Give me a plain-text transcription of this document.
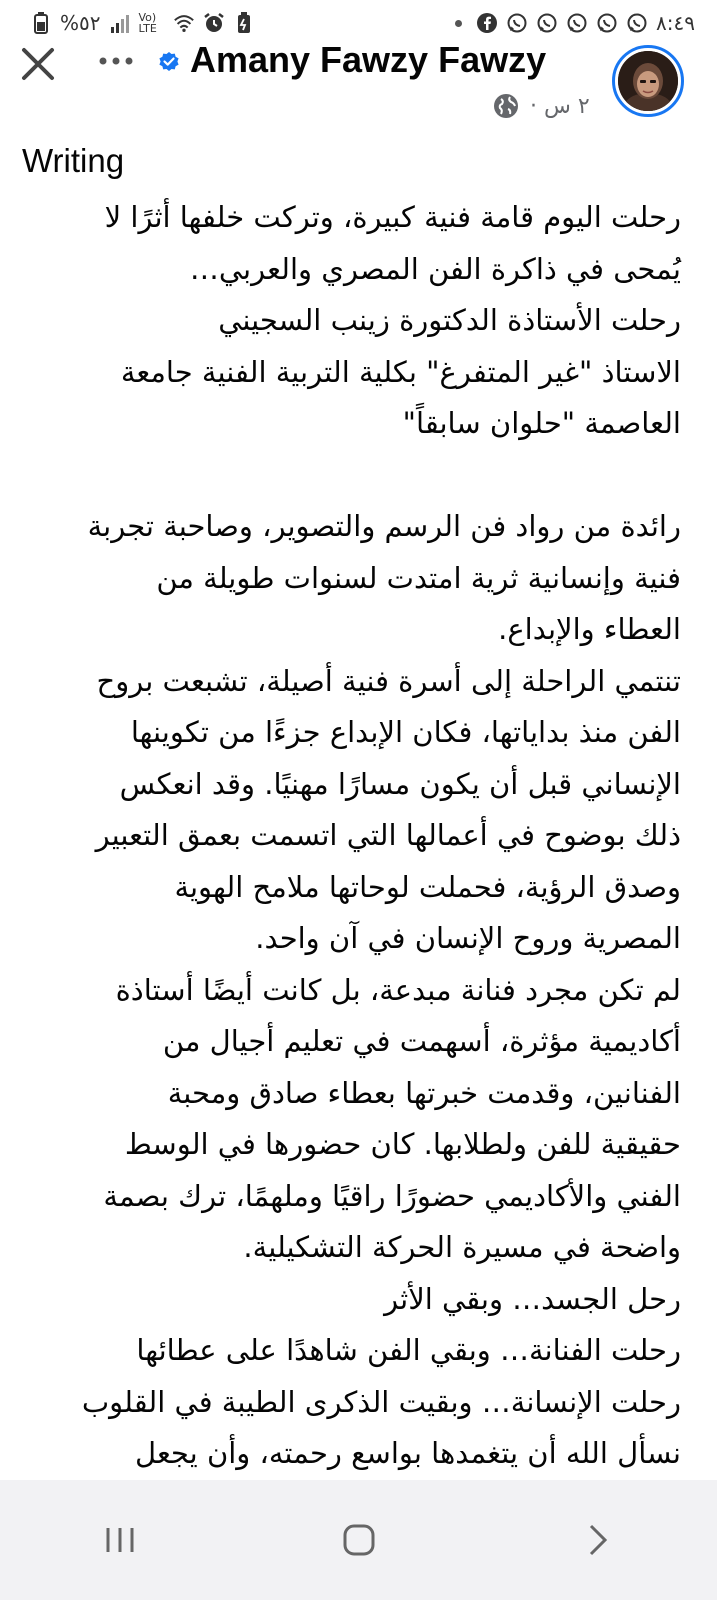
%٥٢	Vo) LTE	٨:٤٩
Amany Fawzy Fawzy
٢ س ·
Writing
رحلت اليوم قامة فنية كبيرة، وتركت خلفها أثرًا لا
يُمحى في ذاكرة الفن المصري والعربي…
رحلت الأستاذة الدكتورة زينب السجيني
الاستاذ "غير المتفرغ" بكلية التربية الفنية جامعة
العاصمة "حلوان سابقاً"
رائدة من رواد فن الرسم والتصوير، وصاحبة تجربة
فنية وإنسانية ثرية امتدت لسنوات طويلة من
العطاء والإبداع.
تنتمي الراحلة إلى أسرة فنية أصيلة، تشبعت بروح
الفن منذ بداياتها، فكان الإبداع جزءًا من تكوينها
الإنساني قبل أن يكون مسارًا مهنيًا. وقد انعكس
ذلك بوضوح في أعمالها التي اتسمت بعمق التعبير
وصدق الرؤية، فحملت لوحاتها ملامح الهوية
المصرية وروح الإنسان في آن واحد.
لم تكن مجرد فنانة مبدعة، بل كانت أيضًا أستاذة
أكاديمية مؤثرة، أسهمت في تعليم أجيال من
الفنانين، وقدمت خبرتها بعطاء صادق ومحبة
حقيقية للفن ولطلابها. كان حضورها في الوسط
الفني والأكاديمي حضورًا راقيًا وملهمًا، ترك بصمة
واضحة في مسيرة الحركة التشكيلية.
رحل الجسد… وبقي الأثر
رحلت الفنانة… وبقي الفن شاهدًا على عطائها
رحلت الإنسانة… وبقيت الذكرى الطيبة في القلوب
نسأل الله أن يتغمدها بواسع رحمته، وأن يجعل
